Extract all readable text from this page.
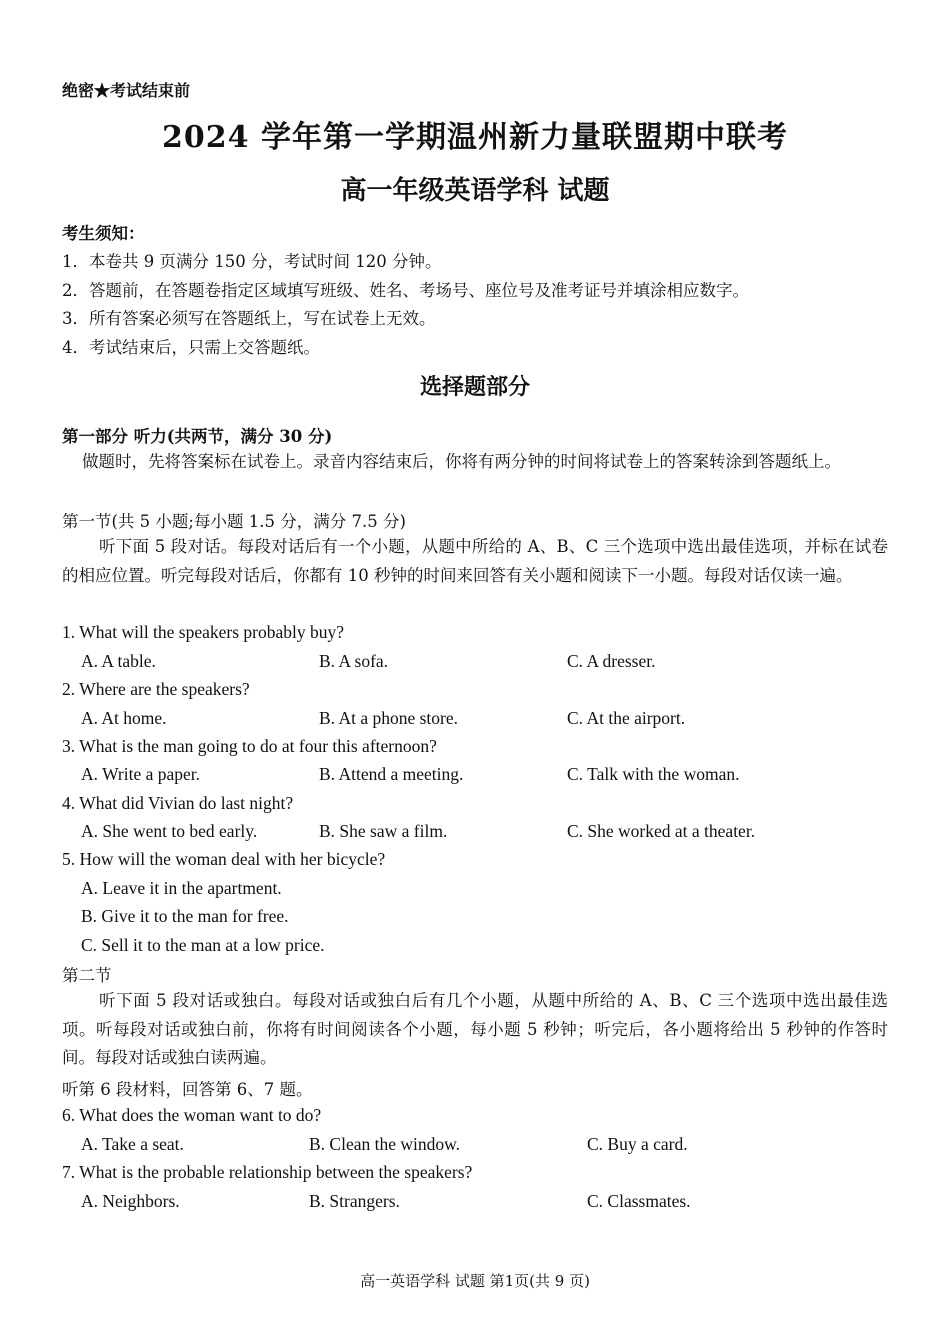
绝密★考试结束前
2024 学年第一学期温州新力量联盟期中联考
高一年级英语学科 试题
考生须知：
1．本卷共 9 页满分 150 分，考试时间 120 分钟。
2．答题前，在答题卷指定区域填写班级、姓名、考场号、座位号及准考证号并填涂相应数字。
3．所有答案必须写在答题纸上，写在试卷上无效。
4．考试结束后，只需上交答题纸。
选择题部分
第一部分 听力(共两节，满分 30 分)
做题时，先将答案标在试卷上。录音内容结束后，你将有两分钟的时间将试卷上的答案转涂到答题纸上。
第一节(共 5 小题;每小题 1.5 分，满分 7.5 分)
听下面 5 段对话。每段对话后有一个小题，从题中所给的 A、B、C 三个选项中选出最佳选项，并标在试卷的相应位置。听完每段对话后，你都有 10 秒钟的时间来回答有关小题和阅读下一小题。每段对话仅读一遍。
1. What will the speakers probably buy?
A. A table.	B. A sofa.	C. A dresser.
2. Where are the speakers?
A. At home.	B. At a phone store.	C. At the airport.
3. What is the man going to do at four this afternoon?
A. Write a paper.	B. Attend a meeting.	C. Talk with the woman.
4. What did Vivian do last night?
A. She went to bed early.	B. She saw a film.	C. She worked at a theater.
5. How will the woman deal with her bicycle?
A. Leave it in the apartment.
B. Give it to the man for free.
C. Sell it to the man at a low price.
第二节
听下面 5 段对话或独白。每段对话或独白后有几个小题，从题中所给的 A、B、C 三个选项中选出最佳选项。听每段对话或独白前，你将有时间阅读各个小题，每小题 5 秒钟；听完后，各小题将给出 5 秒钟的作答时间。每段对话或独白读两遍。
听第 6 段材料，回答第 6、7 题。
6. What does the woman want to do?
A. Take a seat.	B. Clean the window.	C. Buy a card.
7. What is the probable relationship between the speakers?
A. Neighbors.	B. Strangers.	C. Classmates.
高一英语学科 试题 第1页(共 9 页)
